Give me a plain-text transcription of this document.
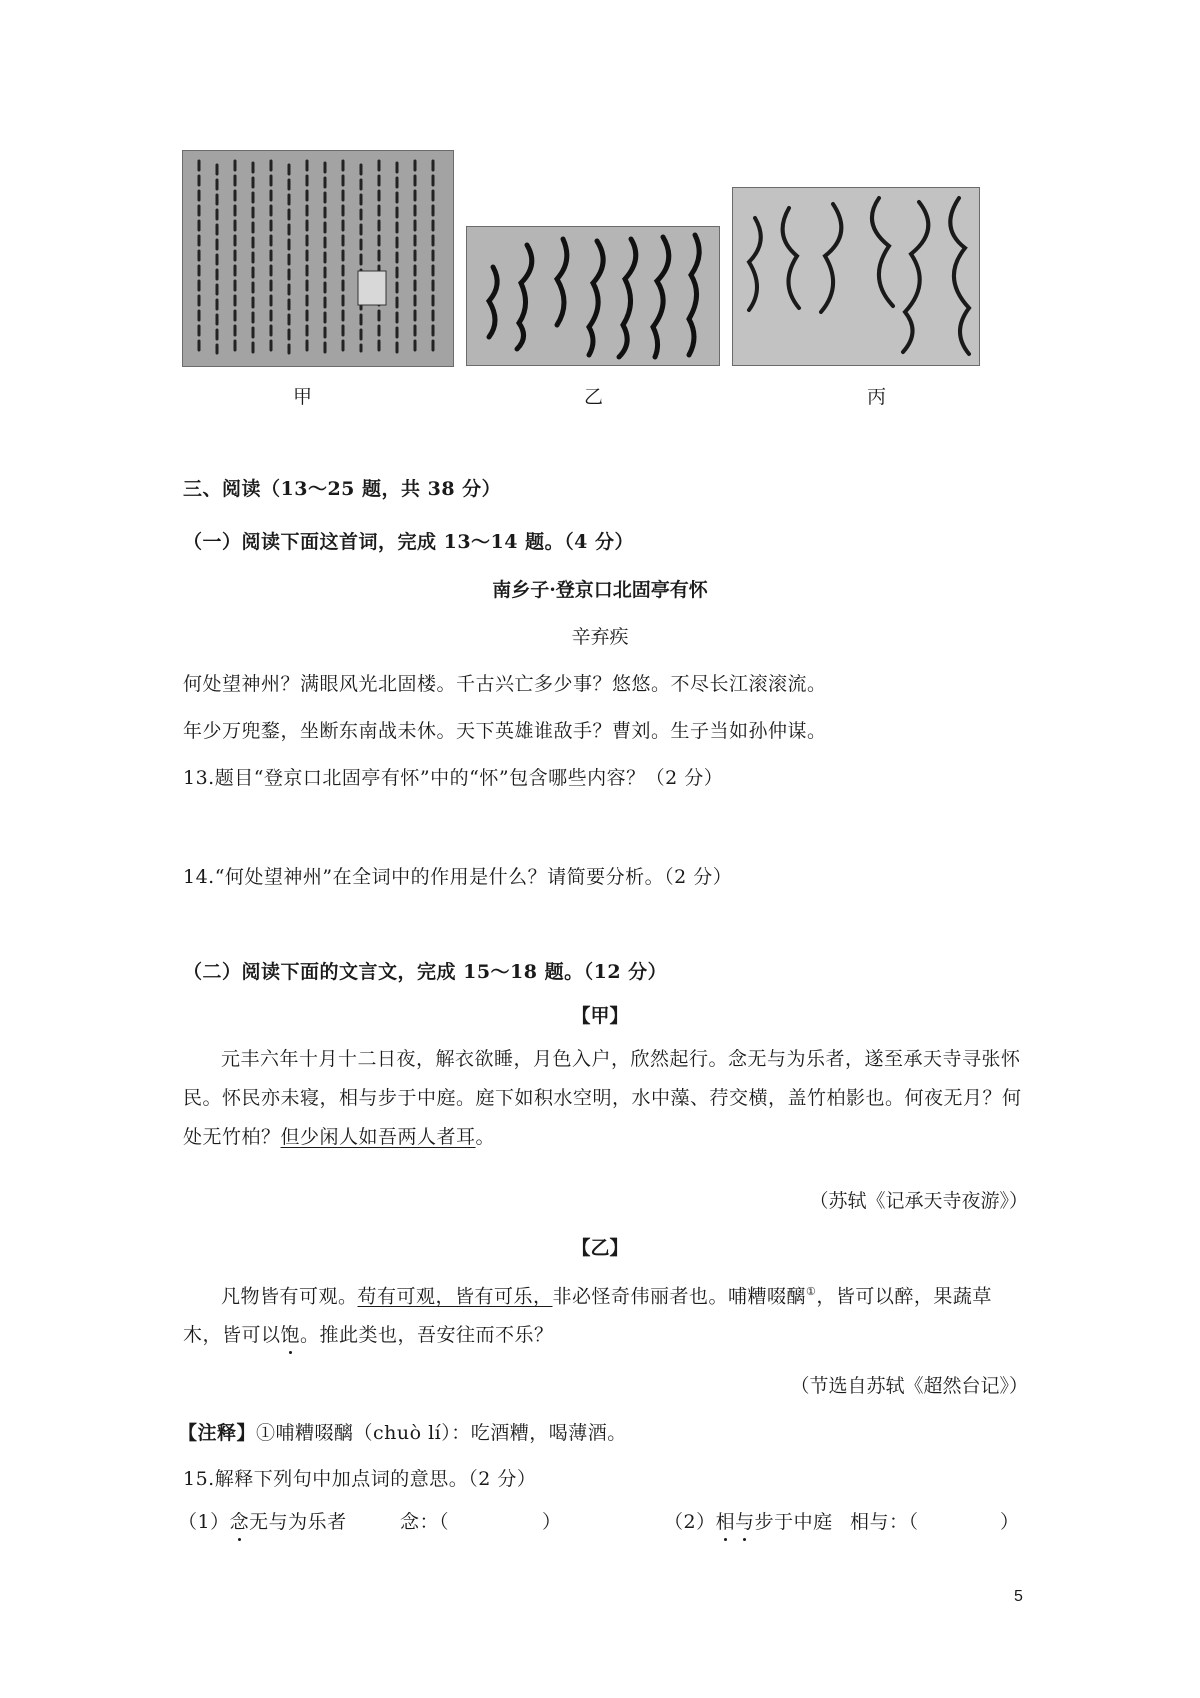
甲	乙	丙
三、阅读（13～25 题，共 38 分）
（一）阅读下面这首词，完成 13～14 题。（4 分）
南乡子·登京口北固亭有怀
辛弃疾
何处望神州？满眼风光北固楼。千古兴亡多少事？悠悠。不尽长江滚滚流。
年少万兜鍪，坐断东南战未休。天下英雄谁敌手？曹刘。生子当如孙仲谋。
13.题目“登京口北固亭有怀”中的“怀”包含哪些内容？（2 分）
14.“何处望神州”在全词中的作用是什么？请简要分析。（2 分）
（二）阅读下面的文言文，完成 15～18 题。（12 分）
【甲】
元丰六年十月十二日夜，解衣欲睡，月色入户，欣然起行。念无与为乐者，遂至承天寺寻张怀民。怀民亦未寝，相与步于中庭。庭下如积水空明，水中藻、荇交横，盖竹柏影也。何夜无月？何处无竹柏？但少闲人如吾两人者耳。
（苏轼《记承天寺夜游》）
【乙】
凡物皆有可观。苟有可观，皆有可乐，非必怪奇伟丽者也。哺糟啜醨①，皆可以醉，果蔬草木，皆可以饱。推此类也，吾安往而不乐？
（节选自苏轼《超然台记》）
【注释】①哺糟啜醨（chuò lí）：吃酒糟，喝薄酒。
15.解释下列句中加点词的意思。（2 分）
（1）念无与为乐者	念：（	）	（2）相与步于中庭 相与：（	）
5
